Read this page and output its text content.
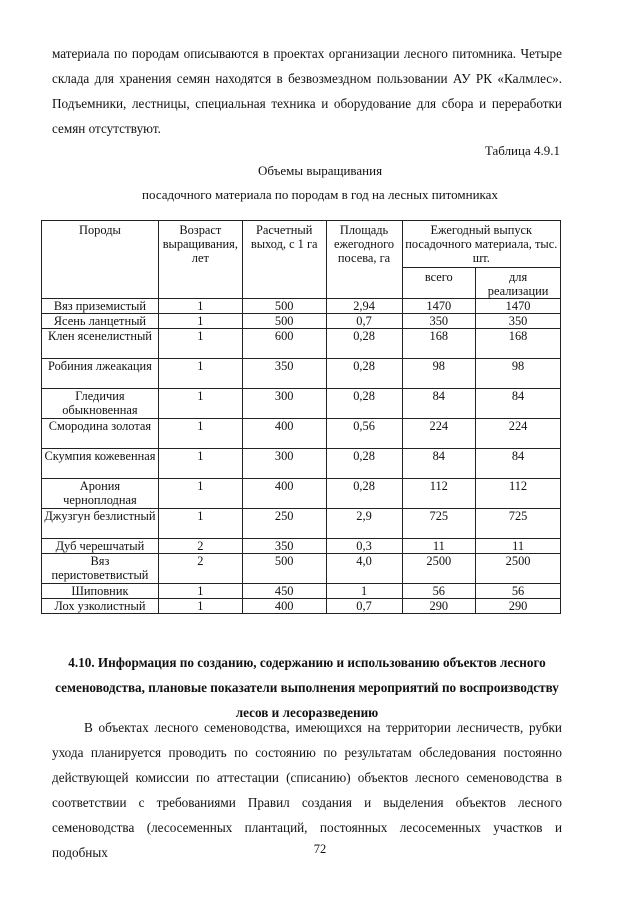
материала по породам описываются в проектах организации лесного питомника. Четыре склада для хранения семян находятся в безвозмездном пользовании АУ РК «Калмлес». Подъемники, лестницы, специальная техника и оборудование для сбора и переработки семян отсутствуют.
Таблица 4.9.1
Объемы выращивания
посадочного материала по породам в год на лесных питомниках
Породы	Возраст выращивания, лет	Расчетный выход, с 1 га	Площадь ежегодного посева, га	Ежегодный выпуск посадочного материала, тыс. шт.	
				всего	для реализации
Вяз приземистый	1	500	2,94	1470	1470
Ясень ланцетный	1	500	0,7	350	350
Клен ясенелистный	1	600	0,28	168	168
Робиния лжеакация	1	350	0,28	98	98
Гледичия обыкновенная	1	300	0,28	84	84
Смородина золотая	1	400	0,56	224	224
Скумпия кожевенная	1	300	0,28	84	84
Арония черноплодная	1	400	0,28	112	112
Джузгун безлистный	1	250	2,9	725	725
Дуб черешчатый	2	350	0,3	11	11
Вяз перистоветвистый	2	500	4,0	2500	2500
Шиповник	1	450	1	56	56
Лох узколистный	1	400	0,7	290	290
4.10. Информация по созданию, содержанию и использованию объектов лесного семеноводства, плановые показатели выполнения мероприятий по воспроизводству лесов и лесоразведению
В объектах лесного семеноводства, имеющихся на территории лесничеств, рубки ухода планируется проводить по состоянию по результатам обследования постоянно действующей комиссии по аттестации (списанию) объектов лесного семеноводства в соответствии с требованиями Правил создания и выделения объектов лесного семеноводства (лесосеменных плантаций, постоянных лесосеменных участков и подобных	72
